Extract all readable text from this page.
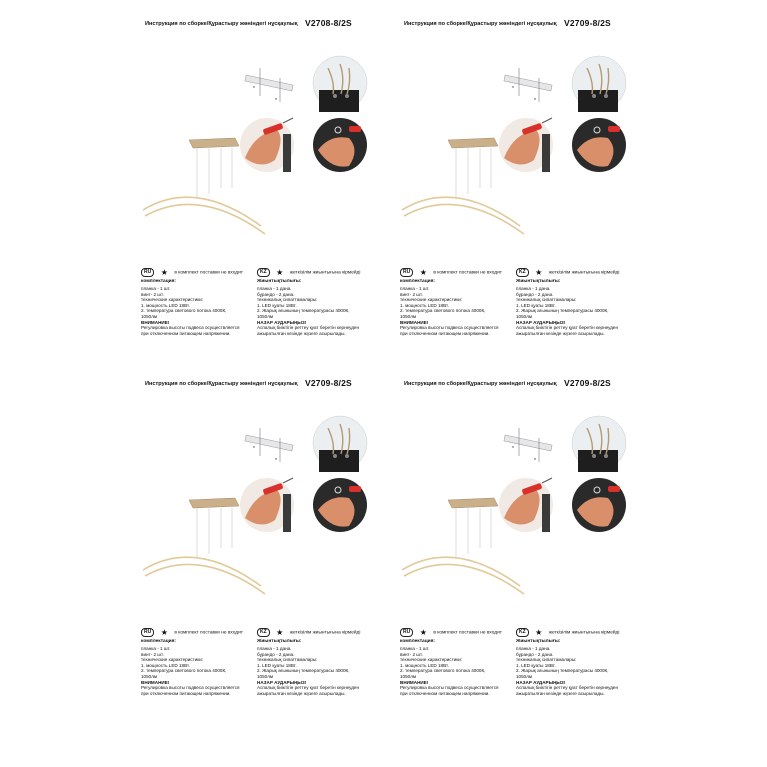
Инструкция по сборке/Құрастыру жөніндегі нұсқаулық V2708-8/2S
*
*
RU ★ в комплект поставки не входит
комплектация:
планка - 1 шт.
винт- 2 шт.
технические характеристики:
1. мощность LED 18Вт.
2. температура светового потока 4000К,
1050лм
ВНИМАНИЕ!
Регулировка высоты подвеса осуществляется
при отключенном питающем напряжении.
KZ ★ жеткізілім жиынтығына кірмейді
Жиынтықтылығы:
планка - 1 дана.
бұрандо - 2 дана.
техникалық сипаттамалары:
1. LED қуаты 18Вт.
2. Жарық ағынының температурасы 4000К,
1050лм
НАЗАР АУДАРЫҢЫЗ!
Аспалық биіктігін реттеу қуат беретін кернеуден
ажыратылған кезінде жүзеге асырылады.
Инструкция по сборке/Құрастыру жөніндегі нұсқаулық V2709-8/2S
*
*
RU ★ в комплект поставки не входит
комплектация:
планка - 1 шт.
винт- 2 шт.
технические характеристики:
1. мощность LED 18Вт.
2. температура светового потока 4000К,
1050лм
ВНИМАНИЕ!
Регулировка высоты подвеса осуществляется
при отключенном питающем напряжении.
KZ ★ жеткізілім жиынтығына кірмейді
Жиынтықтылығы:
планка - 1 дана.
бұрандо - 2 дана.
техникалық сипаттамалары:
1. LED қуаты 18Вт.
2. Жарық ағынының температурасы 4000К,
1050лм
НАЗАР АУДАРЫҢЫЗ!
Аспалық биіктігін реттеу қуат беретін кернеуден
ажыратылған кезінде жүзеге асырылады.
Инструкция по сборке/Құрастыру жөніндегі нұсқаулық V2709-8/2S
*
*
RU ★ в комплект поставки не входит
комплектация:
планка - 1 шт.
винт- 2 шт.
технические характеристики:
1. мощность LED 18Вт.
2. температура светового потока 4000К,
1050лм
ВНИМАНИЕ!
Регулировка высоты подвеса осуществляется
при отключенном питающем напряжении.
KZ ★ жеткізілім жиынтығына кірмейді
Жиынтықтылығы:
планка - 1 дана.
бұрандо - 2 дана.
техникалық сипаттамалары:
1. LED қуаты 18Вт.
2. Жарық ағынының температурасы 4000К,
1050лм
НАЗАР АУДАРЫҢЫЗ!
Аспалық биіктігін реттеу қуат беретін кернеуден
ажыратылған кезінде жүзеге асырылады.
Инструкция по сборке/Құрастыру жөніндегі нұсқаулық V2709-8/2S
*
*
RU ★ в комплект поставки не входит
комплектация:
планка - 1 шт.
винт- 2 шт.
технические характеристики:
1. мощность LED 18Вт.
2. температура светового потока 4000К,
1050лм
ВНИМАНИЕ!
Регулировка высоты подвеса осуществляется
при отключенном питающем напряжении.
KZ ★ жеткізілім жиынтығына кірмейді
Жиынтықтылығы:
планка - 1 дана.
бұрандо - 2 дана.
техникалық сипаттамалары:
1. LED қуаты 18Вт.
2. Жарық ағынының температурасы 4000К,
1050лм
НАЗАР АУДАРЫҢЫЗ!
Аспалық биіктігін реттеу қуат беретін кернеуден
ажыратылған кезінде жүзеге асырылады.
